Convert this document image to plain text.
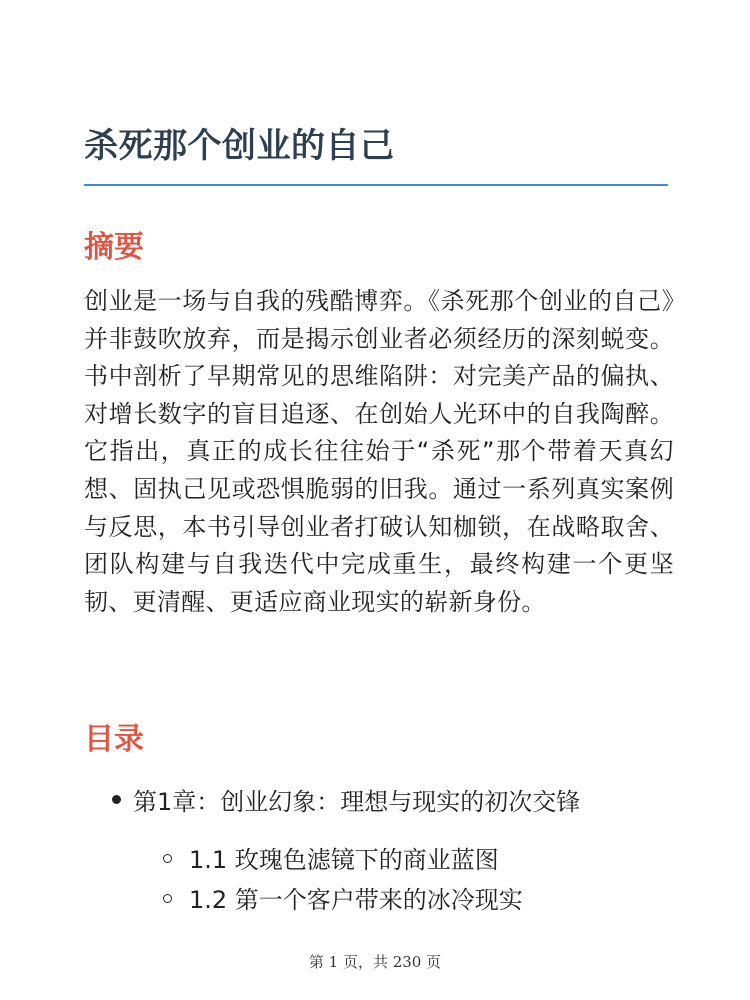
杀死那个创业的自己
摘要

创业是一场与自我的残酷博弈。《杀死那个创业的自己》并非鼓吹放弃，而是揭示创业者必须经历的深刻蜕变。书中剖析了早期常见的思维陷阱：对完美产品的偏执、对增长数字的盲目追逐、在创始人光环中的自我陶醉。它指出，真正的成长往往始于“杀死”那个带着天真幻想、固执己见或恐惧脆弱的旧我。通过一系列真实案例与反思，本书引导创业者打破认知枷锁，在战略取舍、团队构建与自我迭代中完成重生，最终构建一个更坚韧、更清醒、更适应商业现实的崭新身份。

目录
第1章：创业幻象：理想与现实的初次交锋
1.1 玫瑰色滤镜下的商业蓝图
1.2 第一个客户带来的冰冷现实
第 1 页，共 230 页
